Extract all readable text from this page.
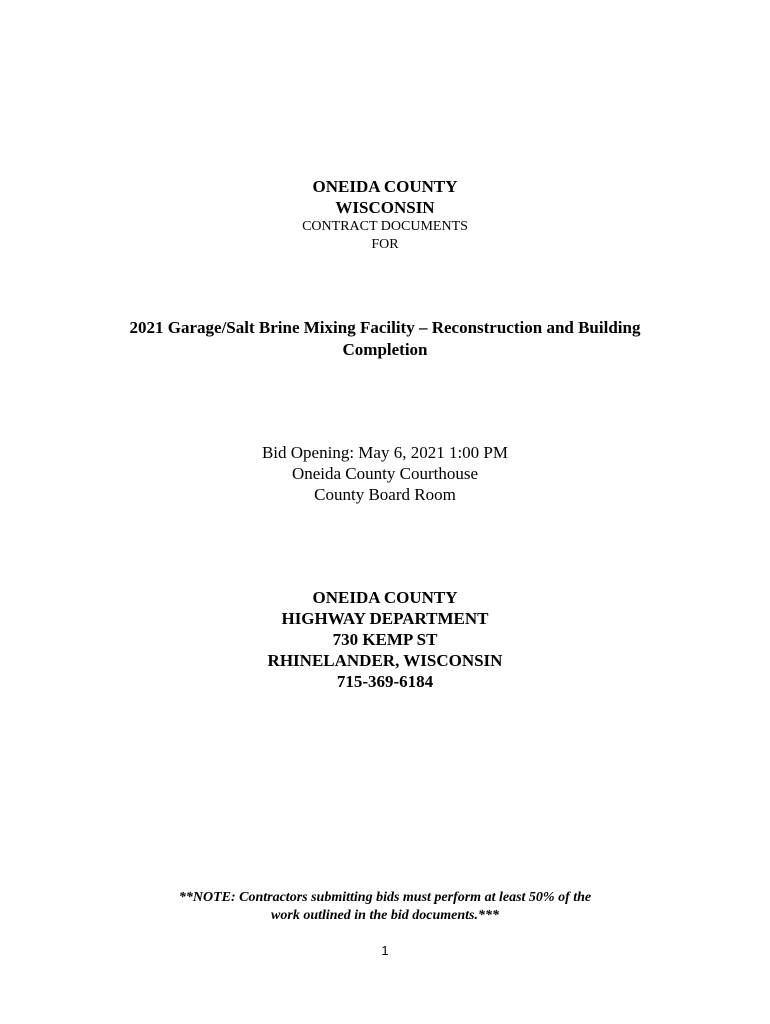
ONEIDA COUNTY
WISCONSIN
CONTRACT DOCUMENTS
FOR
2021 Garage/Salt Brine Mixing Facility – Reconstruction and Building
Completion
Bid Opening: May 6, 2021 1:00 PM
Oneida County Courthouse
County Board Room
ONEIDA COUNTY
HIGHWAY DEPARTMENT
730 KEMP ST
RHINELANDER, WISCONSIN
715-369-6184
**NOTE: Contractors submitting bids must perform at least 50% of the
work outlined in the bid documents.***
1
